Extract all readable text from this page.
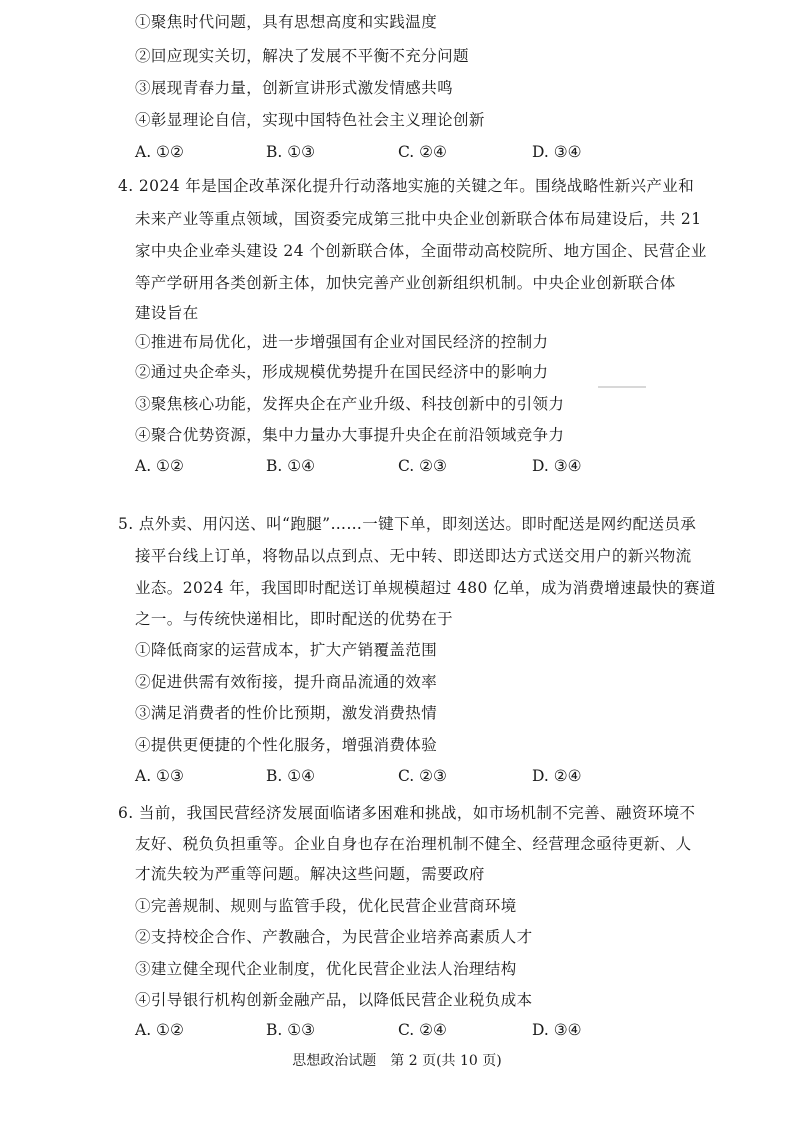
①聚焦时代问题，具有思想高度和实践温度
②回应现实关切，解决了发展不平衡不充分问题
③展现青春力量，创新宣讲形式激发情感共鸣
④彰显理论自信，实现中国特色社会主义理论创新
A. ①②	B. ①③	C. ②④	D. ③④
4. 2024 年是国企改革深化提升行动落地实施的关键之年。围绕战略性新兴产业和
未来产业等重点领域，国资委完成第三批中央企业创新联合体布局建设后，共 21
家中央企业牵头建设 24 个创新联合体，全面带动高校院所、地方国企、民营企业
等产学研用各类创新主体，加快完善产业创新组织机制。中央企业创新联合体
建设旨在
①推进布局优化，进一步增强国有企业对国民经济的控制力
②通过央企牵头，形成规模优势提升在国民经济中的影响力
③聚焦核心功能，发挥央企在产业升级、科技创新中的引领力
④聚合优势资源，集中力量办大事提升央企在前沿领域竞争力
A. ①②	B. ①④	C. ②③	D. ③④
5. 点外卖、用闪送、叫“跑腿”……一键下单，即刻送达。即时配送是网约配送员承
接平台线上订单，将物品以点到点、无中转、即送即达方式送交用户的新兴物流
业态。2024 年，我国即时配送订单规模超过 480 亿单，成为消费增速最快的赛道
之一。与传统快递相比，即时配送的优势在于
①降低商家的运营成本，扩大产销覆盖范围
②促进供需有效衔接，提升商品流通的效率
③满足消费者的性价比预期，激发消费热情
④提供更便捷的个性化服务，增强消费体验
A. ①③	B. ①④	C. ②③	D. ②④
6. 当前，我国民营经济发展面临诸多困难和挑战，如市场机制不完善、融资环境不
友好、税负负担重等。企业自身也存在治理机制不健全、经营理念亟待更新、人
才流失较为严重等问题。解决这些问题，需要政府
①完善规制、规则与监管手段，优化民营企业营商环境
②支持校企合作、产教融合，为民营企业培养高素质人才
③建立健全现代企业制度，优化民营企业法人治理结构
④引导银行机构创新金融产品，以降低民营企业税负成本
A. ①②	B. ①③	C. ②④	D. ③④
思想政治试题　第 2 页(共 10 页)
